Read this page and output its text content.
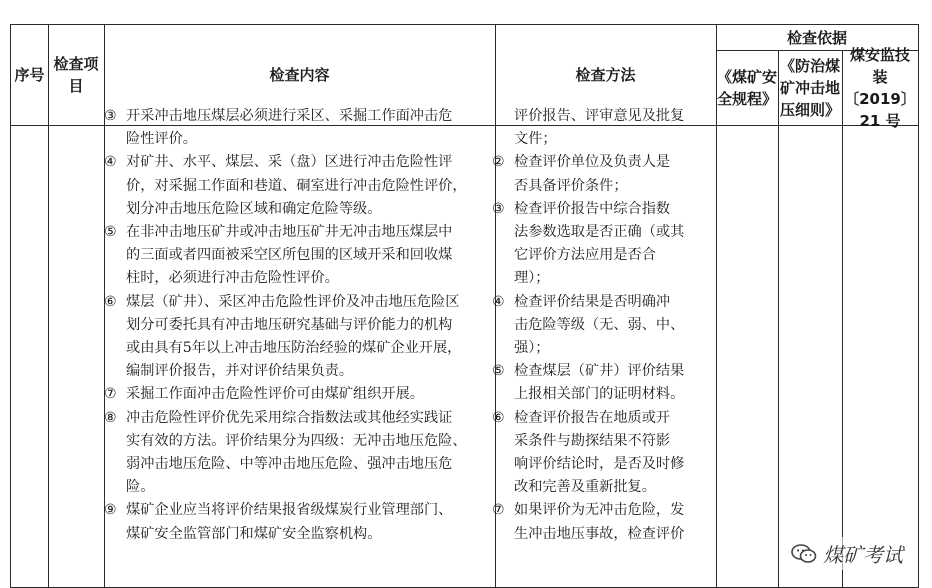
序号
检查项目
检查内容	检查方法
检查依据
《煤矿安
全规程》
《防治煤
矿冲击地
压细则》
煤安监技
装〔2019〕
21 号
③ 开采冲击地压煤层必须进行采区、采掘工作面冲击危
险性评价。
④ 对矿井、水平、煤层、采（盘）区进行冲击危险性评
价，对采掘工作面和巷道、硐室进行冲击危险性评价，
划分冲击地压危险区域和确定危险等级。
⑤ 在非冲击地压矿井或冲击地压矿井无冲击地压煤层中
的三面或者四面被采空区所包围的区域开采和回收煤
柱时，必须进行冲击危险性评价。
⑥ 煤层（矿井）、采区冲击危险性评价及冲击地压危险区
划分可委托具有冲击地压研究基础与评价能力的机构
或由具有5年以上冲击地压防治经验的煤矿企业开展，
编制评价报告，并对评价结果负责。
⑦ 采掘工作面冲击危险性评价可由煤矿组织开展。
⑧ 冲击危险性评价优先采用综合指数法或其他经实践证
实有效的方法。评价结果分为四级：无冲击地压危险、
弱冲击地压危险、中等冲击地压危险、强冲击地压危
险。
⑨ 煤矿企业应当将评价结果报省级煤炭行业管理部门、
煤矿安全监管部门和煤矿安全监察机构。
评价报告、评审意见及批复
文件；
② 检查评价单位及负责人是
否具备评价条件；
③ 检查评价报告中综合指数
法参数选取是否正确（或其
它评价方法应用是否合
理）；
④ 检查评价结果是否明确冲
击危险等级（无、弱、中、
强）；
⑤ 检查煤层（矿井）评价结果
上报相关部门的证明材料。
⑥ 检查评价报告在地质或开
采条件与勘探结果不符影
响评价结论时，是否及时修
改和完善及重新批复。
⑦ 如果评价为无冲击危险，发
生冲击地压事故，检查评价
煤矿考试
